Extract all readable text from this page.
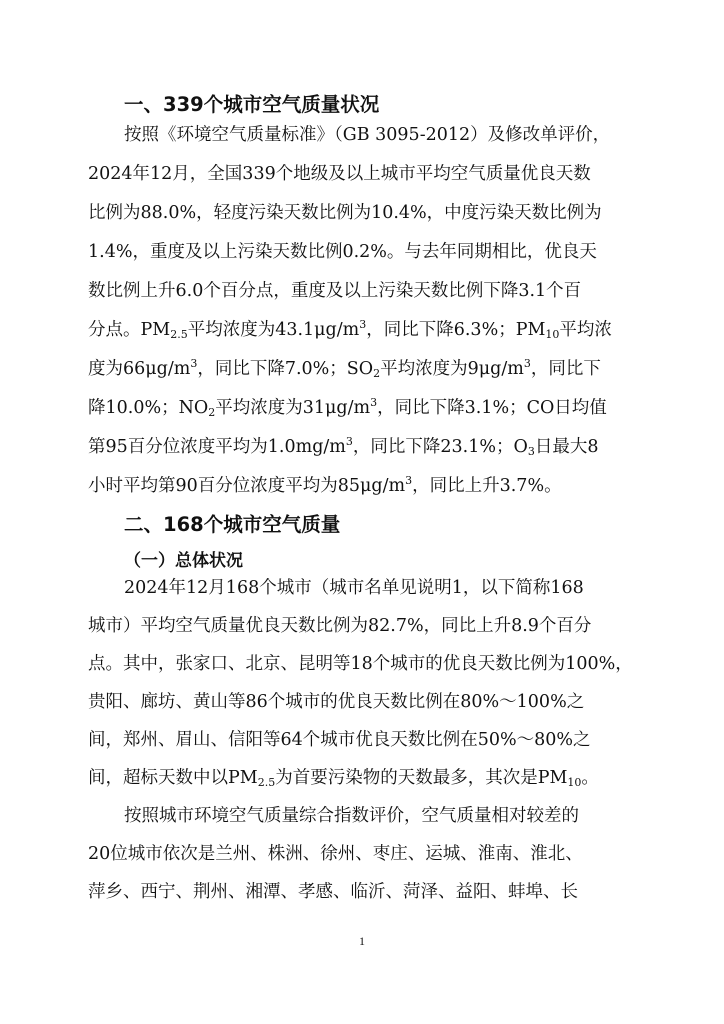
一、339个城市空气质量状况
按照《环境空气质量标准》（GB 3095-2012）及修改单评价，
2024年12月，全国339个地级及以上城市平均空气质量优良天数
比例为88.0%，轻度污染天数比例为10.4%，中度污染天数比例为
1.4%，重度及以上污染天数比例0.2%。与去年同期相比，优良天
数比例上升6.0个百分点，重度及以上污染天数比例下降3.1个百
分点。$PM_{2.5}$平均浓度为$43.1\mu g/m^3$，同比下降6.3%；$PM_{10}$平均浓
度为$66\mu g/m^3$，同比下降7.0%；$SO_2$平均浓度为$9\mu g/m^3$，同比下
降10.0%；$NO_2$平均浓度为$31\mu g/m^3$，同比下降3.1%；CO日均值
第95百分位浓度平均为$1.0mg/m^3$，同比下降23.1%；$O_3$日最大8
小时平均第90百分位浓度平均为$85\mu g/m^3$，同比上升3.7%。
二、168个城市空气质量
（一）总体状况
2024年12月168个城市（城市名单见说明1，以下简称168
城市）平均空气质量优良天数比例为82.7%，同比上升8.9个百分
点。其中，张家口、北京、昆明等18个城市的优良天数比例为100%，
贵阳、廊坊、黄山等86个城市的优良天数比例在80%～100%之
间，郑州、眉山、信阳等64个城市优良天数比例在50%～80%之
间，超标天数中以$PM_{2.5}$为首要污染物的天数最多，其次是$PM_{10}$。
按照城市环境空气质量综合指数评价，空气质量相对较差的
20位城市依次是兰州、株洲、徐州、枣庄、运城、淮南、淮北、
萍乡、西宁、荆州、湘潭、孝感、临沂、菏泽、益阳、蚌埠、长
1
